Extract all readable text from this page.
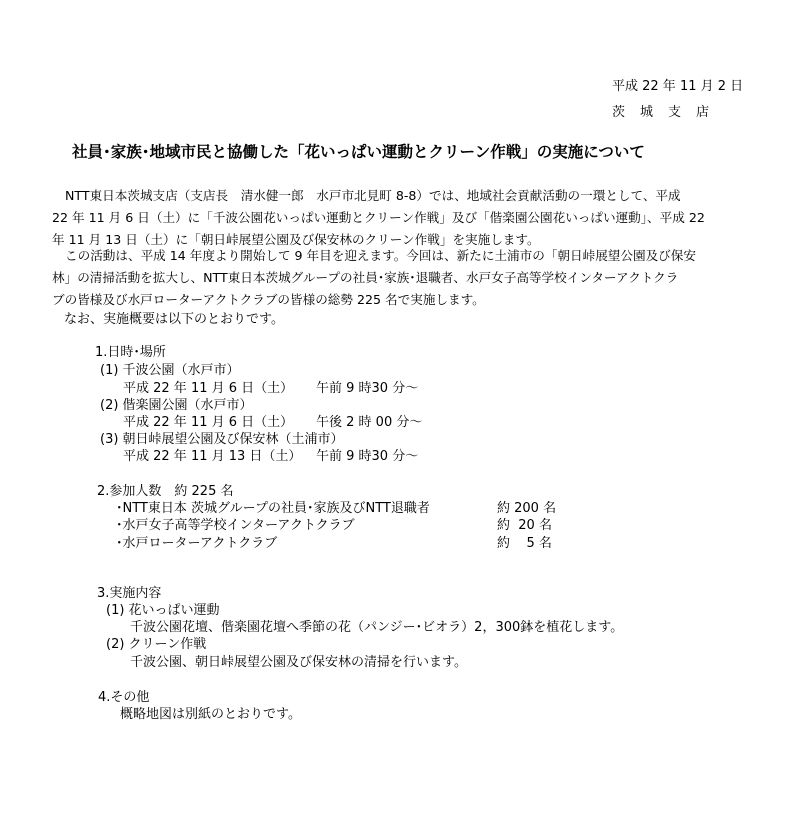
平成 22 年 11 月 2 日
茨　城　支　店
社員･家族･地域市民と協働した「花いっぱい運動とクリーン作戦」の実施について
NTT東日本茨城支店（支店長　清水健一郎　水戸市北見町 8-8）では、地域社会貢献活動の一環として、平成
22 年 11 月 6 日（土）に「千波公園花いっぱい運動とクリーン作戦」及び「偕楽園公園花いっぱい運動」、平成 22
年 11 月 13 日（土）に「朝日峠展望公園及び保安林のクリーン作戦」を実施します。
この活動は、平成 14 年度より開始して 9 年目を迎えます。今回は、新たに土浦市の「朝日峠展望公園及び保安
林」の清掃活動を拡大し、NTT東日本茨城グループの社員･家族･退職者、水戸女子高等学校インターアクトクラ
ブの皆様及び水戸ローターアクトクラブの皆様の総勢 225 名で実施します。
なお、実施概要は以下のとおりです。
1.日時･場所
(1) 千波公園（水戸市）
平成 22 年 11 月 6 日（土） 午前 9 時30 分～
(2) 偕楽園公園（水戸市）
平成 22 年 11 月 6 日（土） 午後 2 時 00 分～
(3) 朝日峠展望公園及び保安林（土浦市）
平成 22 年 11 月 13 日（土） 午前 9 時30 分～
2.参加人数　約 225 名
･NTT東日本 茨城グループの社員･家族及びNTT退職者	約 200 名
･水戸女子高等学校インターアクトクラブ	約  20 名
･水戸ローターアクトクラブ	約    5 名
3.実施内容
(1) 花いっぱい運動
千波公園花壇、偕楽園花壇へ季節の花（パンジー･ビオラ）2，300鉢を植花します。
(2) クリーン作戦
千波公園、朝日峠展望公園及び保安林の清掃を行います。
4.その他
概略地図は別紙のとおりです。
